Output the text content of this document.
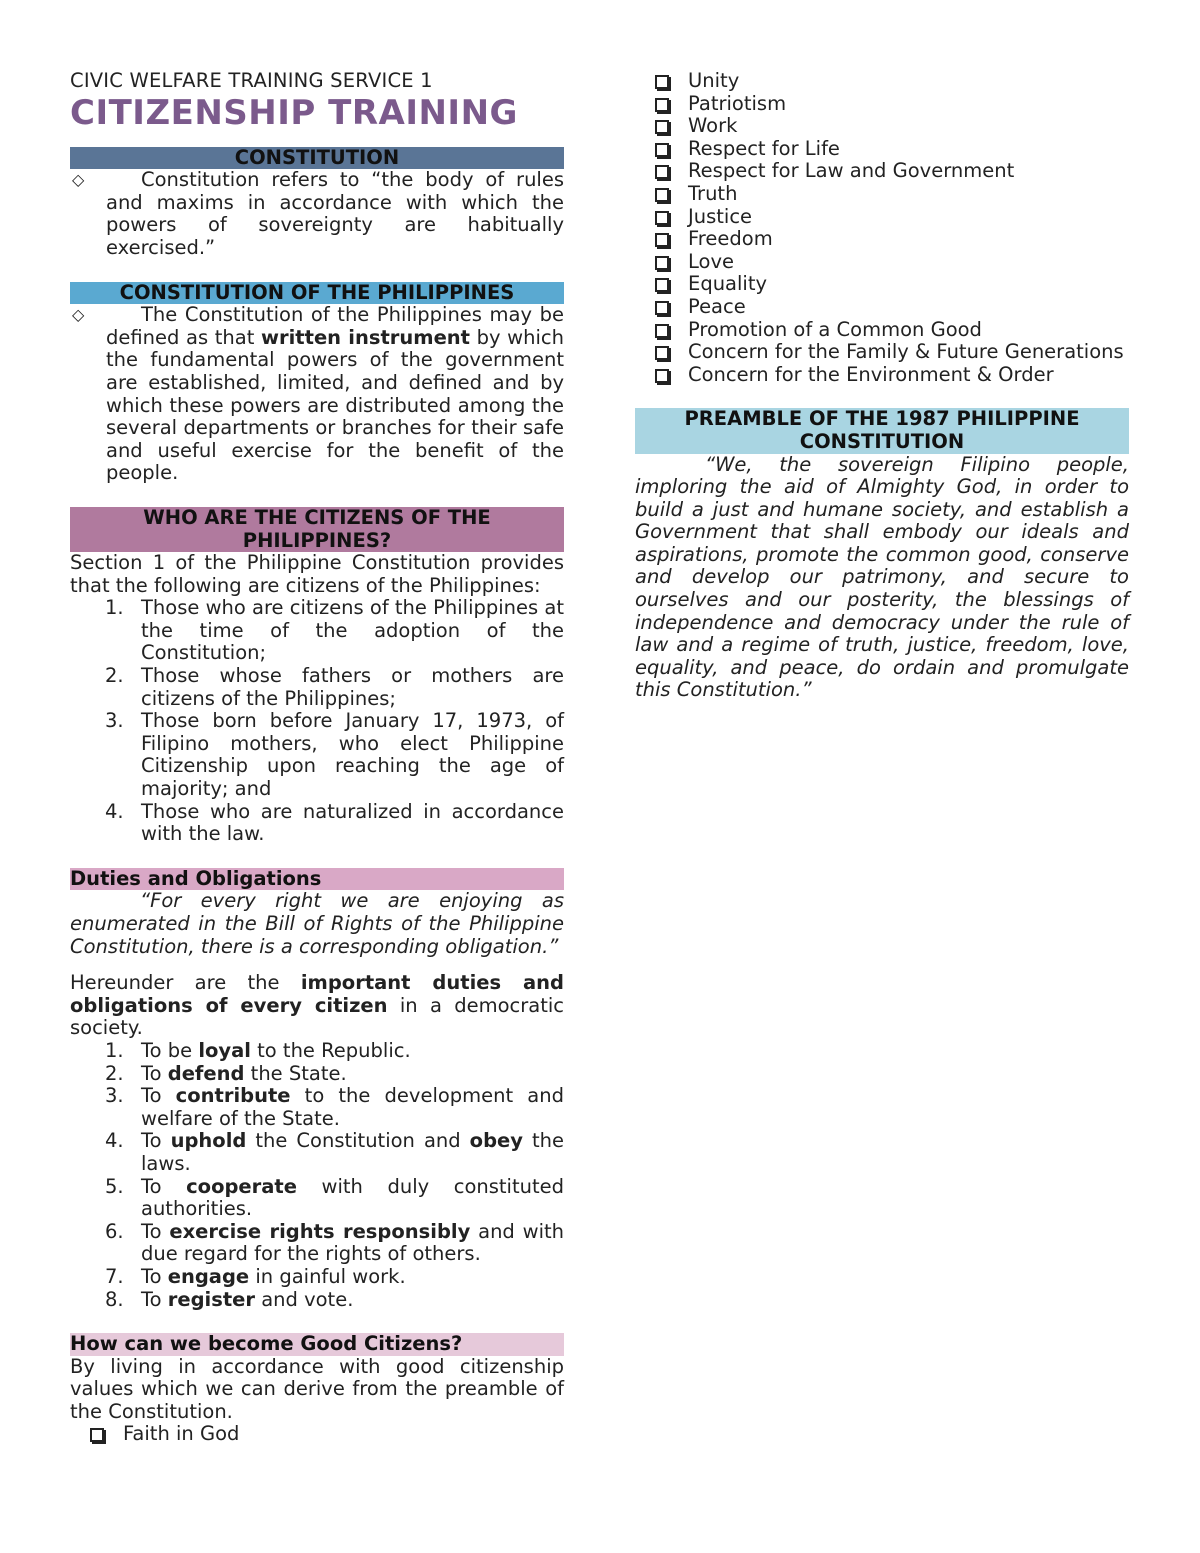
CIVIC WELFARE TRAINING SERVICE 1
CITIZENSHIP TRAINING
CONSTITUTION
◇	Constitution refers to “the body of rules and maxims in accordance with which the powers of sovereignty are habitually exercised.”
CONSTITUTION OF THE PHILIPPINES
◇	The Constitution of the Philippines may be defined as that written instrument by which the fundamental powers of the government are established, limited, and defined and by which these powers are distributed among the several departments or branches for their safe and useful exercise for the benefit of the people.
WHO ARE THE CITIZENS OF THE PHILIPPINES?
Section 1 of the Philippine Constitution provides that the following are citizens of the Philippines:
1. Those who are citizens of the Philippines at the time of the adoption of the Constitution;
2. Those whose fathers or mothers are citizens of the Philippines;
3. Those born before January 17, 1973, of Filipino mothers, who elect Philippine Citizenship upon reaching the age of majority; and
4. Those who are naturalized in accordance with the law.
Duties and Obligations
“For every right we are enjoying as enumerated in the Bill of Rights of the Philippine Constitution, there is a corresponding obligation.”
Hereunder are the important duties and obligations of every citizen in a democratic society.
1. To be loyal to the Republic.
2. To defend the State.
3. To contribute to the development and welfare of the State.
4. To uphold the Constitution and obey the laws.
5. To cooperate with duly constituted authorities.
6. To exercise rights responsibly and with due regard for the rights of others.
7. To engage in gainful work.
8. To register and vote.
How can we become Good Citizens?
By living in accordance with good citizenship values which we can derive from the preamble of the Constitution.
Faith in God
Unity
Patriotism
Work
Respect for Life
Respect for Law and Government
Truth
Justice
Freedom
Love
Equality
Peace
Promotion of a Common Good
Concern for the Family & Future Generations
Concern for the Environment & Order
PREAMBLE OF THE 1987 PHILIPPINE CONSTITUTION
“We, the sovereign Filipino people, imploring the aid of Almighty God, in order to build a just and humane society, and establish a Government that shall embody our ideals and aspirations, promote the common good, conserve and develop our patrimony, and secure to ourselves and our posterity, the blessings of independence and democracy under the rule of law and a regime of truth, justice, freedom, love, equality, and peace, do ordain and promulgate this Constitution.”
